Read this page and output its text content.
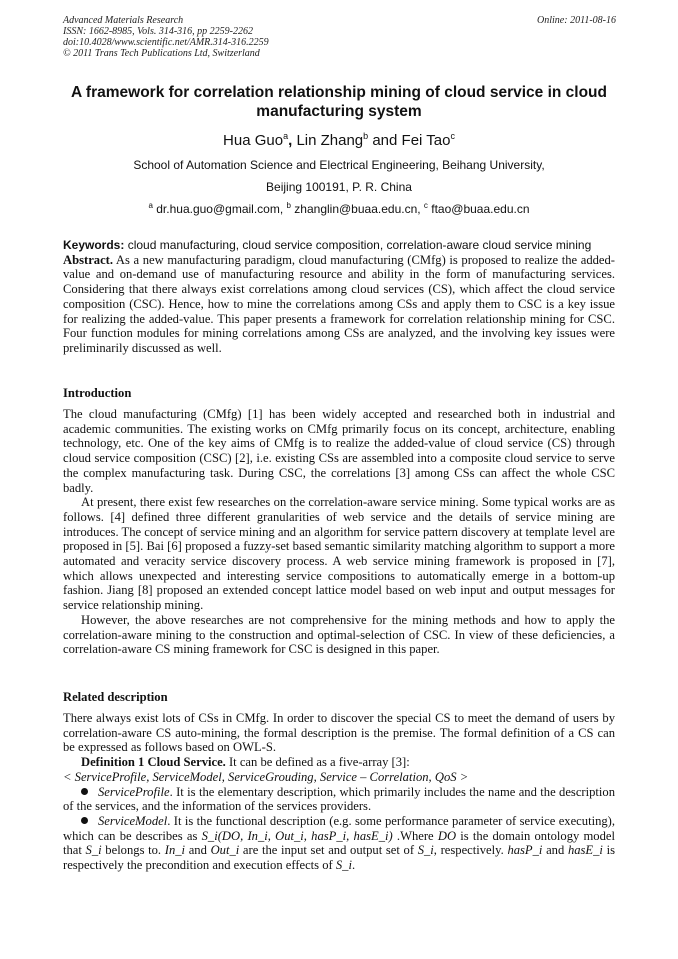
Advanced Materials Research
ISSN: 1662-8985, Vols. 314-316, pp 2259-2262
doi:10.4028/www.scientific.net/AMR.314-316.2259
© 2011 Trans Tech Publications Ltd, Switzerland
Online: 2011-08-16
A framework for correlation relationship mining of cloud service in cloud
manufacturing system
Hua Guo$^a$, Lin Zhang$^b$ and Fei Tao$^c$
School of Automation Science and Electrical Engineering, Beihang University,
Beijing 100191, P. R. China
$^a$ dr.hua.guo@gmail.com, $^b$ zhanglin@buaa.edu.cn, $^c$ ftao@buaa.edu.cn

Keywords: cloud manufacturing, cloud service composition, correlation-aware cloud service mining

Abstract. As a new manufacturing paradigm, cloud manufacturing (CMfg) is proposed to realize the added-value and on-demand use of manufacturing resource and ability in the form of manufacturing services. Considering that there always exist correlations among cloud services (CS), which affect the cloud service composition (CSC). Hence, how to mine the correlations among CSs and apply them to CSC is a key issue for realizing the added-value. This paper presents a framework for correlation relationship mining for CSC. Four function modules for mining correlations among CSs are analyzed, and the involving key issues were preliminarily discussed as well.

Introduction

The cloud manufacturing (CMfg) [1] has been widely accepted and researched both in industrial and academic communities. The existing works on CMfg primarily focus on its concept, architecture, enabling technology, etc. One of the key aims of CMfg is to realize the added-value of cloud service (CS) through cloud service composition (CSC) [2], i.e. existing CSs are assembled into a composite cloud service to serve the complex manufacturing task. During CSC, the correlations [3] among CSs can affect the whole CSC badly.

At present, there exist few researches on the correlation-aware service mining. Some typical works are as follows. [4] defined three different granularities of web service and the details of service mining are introduces. The concept of service mining and an algorithm for service pattern discovery at template level are proposed in [5]. Bai [6] proposed a fuzzy-set based semantic similarity matching algorithm to support a more automated and veracity service discovery process. A web service mining framework is proposed in [7], which allows unexpected and interesting service compositions to automatically emerge in a bottom-up fashion. Jiang [8] proposed an extended concept lattice model based on web input and output messages for service relationship mining.

However, the above researches are not comprehensive for the mining methods and how to apply the correlation-aware mining to the construction and optimal-selection of CSC. In view of these deficiencies, a correlation-aware CS mining framework for CSC is designed in this paper.

Related description

There always exist lots of CSs in CMfg. In order to discover the special CS to meet the demand of users by correlation-aware CS auto-mining, the formal description is the premise. The formal definition of a CS can be expressed as follows based on OWL-S.

Definition 1 Cloud Service. It can be defined as a five-array [3]:

< ServiceProfile, ServiceModel, ServiceGrouding, Service – Correlation, QoS >

ServiceProfile. It is the elementary description, which primarily includes the name and the description of the services, and the information of the services providers.

ServiceModel. It is the functional description (e.g. some performance parameter of service executing), which can be describes as S_i(DO, In_i, Out_i, hasP_i, hasE_i) .Where DO is the domain ontology model that S_i belongs to. In_i and Out_i are the input set and output set of S_i, respectively. hasP_i and hasE_i is respectively the precondition and execution effects of S_i.
